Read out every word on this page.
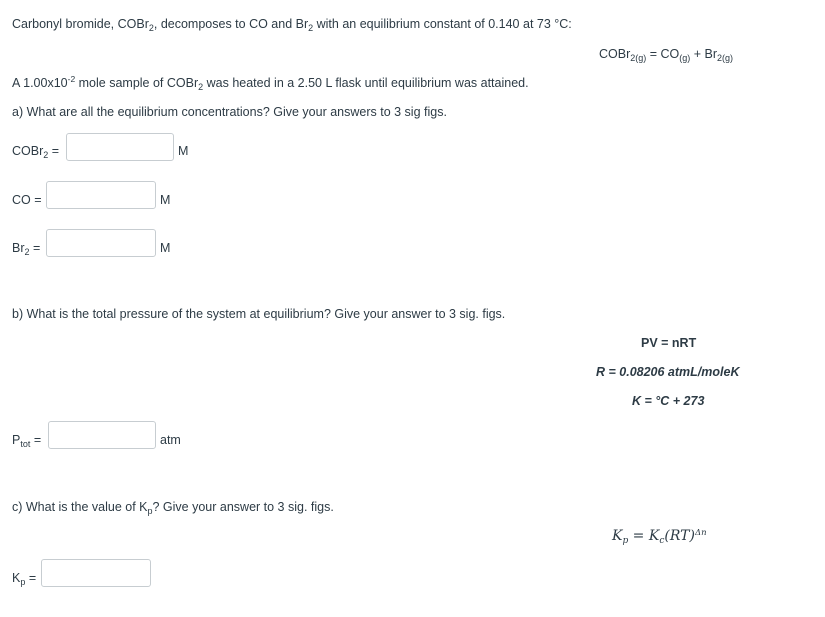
Carbonyl bromide, COBr$_2$, decomposes to CO and $Br_2$ with an equilibrium constant of 0.140 at 73 °C:
COBr$_{2(g)}$ = $CO_{(g)} + Br_{2(g)}$
A $1.00x10^{-2}$ mole sample of COBr$_2$ was heated in a 2.50 L flask until equilibrium was attained.
a) What are all the equilibrium concentrations? Give your answers to 3 sig figs.
COBr$_2$ =	M
CO =	M
$Br_2$ =	M
b) What is the total pressure of the system at equilibrium? Give your answer to 3 sig. figs.
PV = nRT
R = 0.08206 atmL/moleK
K = °C + 273
$P_{tot}$ =	atm
c) What is the value of $K_p$? Give your answer to 3 sig. figs.
$K_p = K_c(RT)^{\Delta n}$
$K_p$ =
